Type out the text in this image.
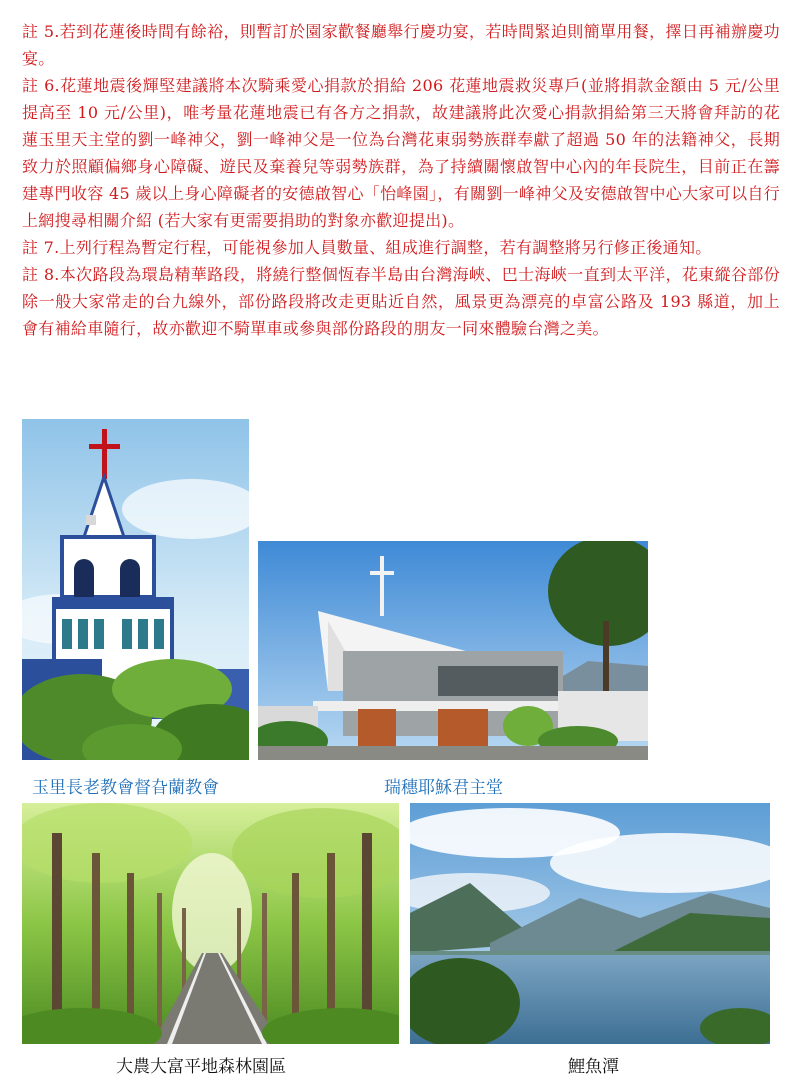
註 5.若到花蓮後時間有餘裕，則暫訂於園家歡餐廳舉行慶功宴，若時間緊迫則簡單用餐，擇日再補辦慶功宴。

註 6.花蓮地震後輝堅建議將本次騎乘愛心捐款於捐給 206 花蓮地震救災專戶(並將捐款金額由 5 元/公里提高至 10 元/公里)，唯考量花蓮地震已有各方之捐款，故建議將此次愛心捐款捐給第三天將會拜訪的花蓮玉里天主堂的劉一峰神父，劉一峰神父是一位為台灣花東弱勢族群奉獻了超過 50 年的法籍神父，長期致力於照顧偏鄉身心障礙、遊民及棄養兒等弱勢族群，為了持續關懷啟智中心內的年長院生，目前正在籌建專門收容 45 歲以上身心障礙者的安德啟智心「怡峰園」，有關劉一峰神父及安德啟智中心大家可以自行上網搜尋相關介紹 (若大家有更需要捐助的對象亦歡迎提出)。

註 7.上列行程為暫定行程，可能視參加人員數量、組成進行調整，若有調整將另行修正後通知。

註 8.本次路段為環島精華路段，將繞行整個恆春半島由台灣海峽、巴士海峽一直到太平洋，花東縱谷部份除一般大家常走的台九線外，部份路段將改走更貼近自然，風景更為漂亮的卓富公路及 193 縣道，加上會有補給車隨行，故亦歡迎不騎單車或參與部份路段的朋友一同來體驗台灣之美。

玉里長老教會督旮蘭教會	瑞穗耶穌君主堂
大農大富平地森林園區	鯉魚潭
